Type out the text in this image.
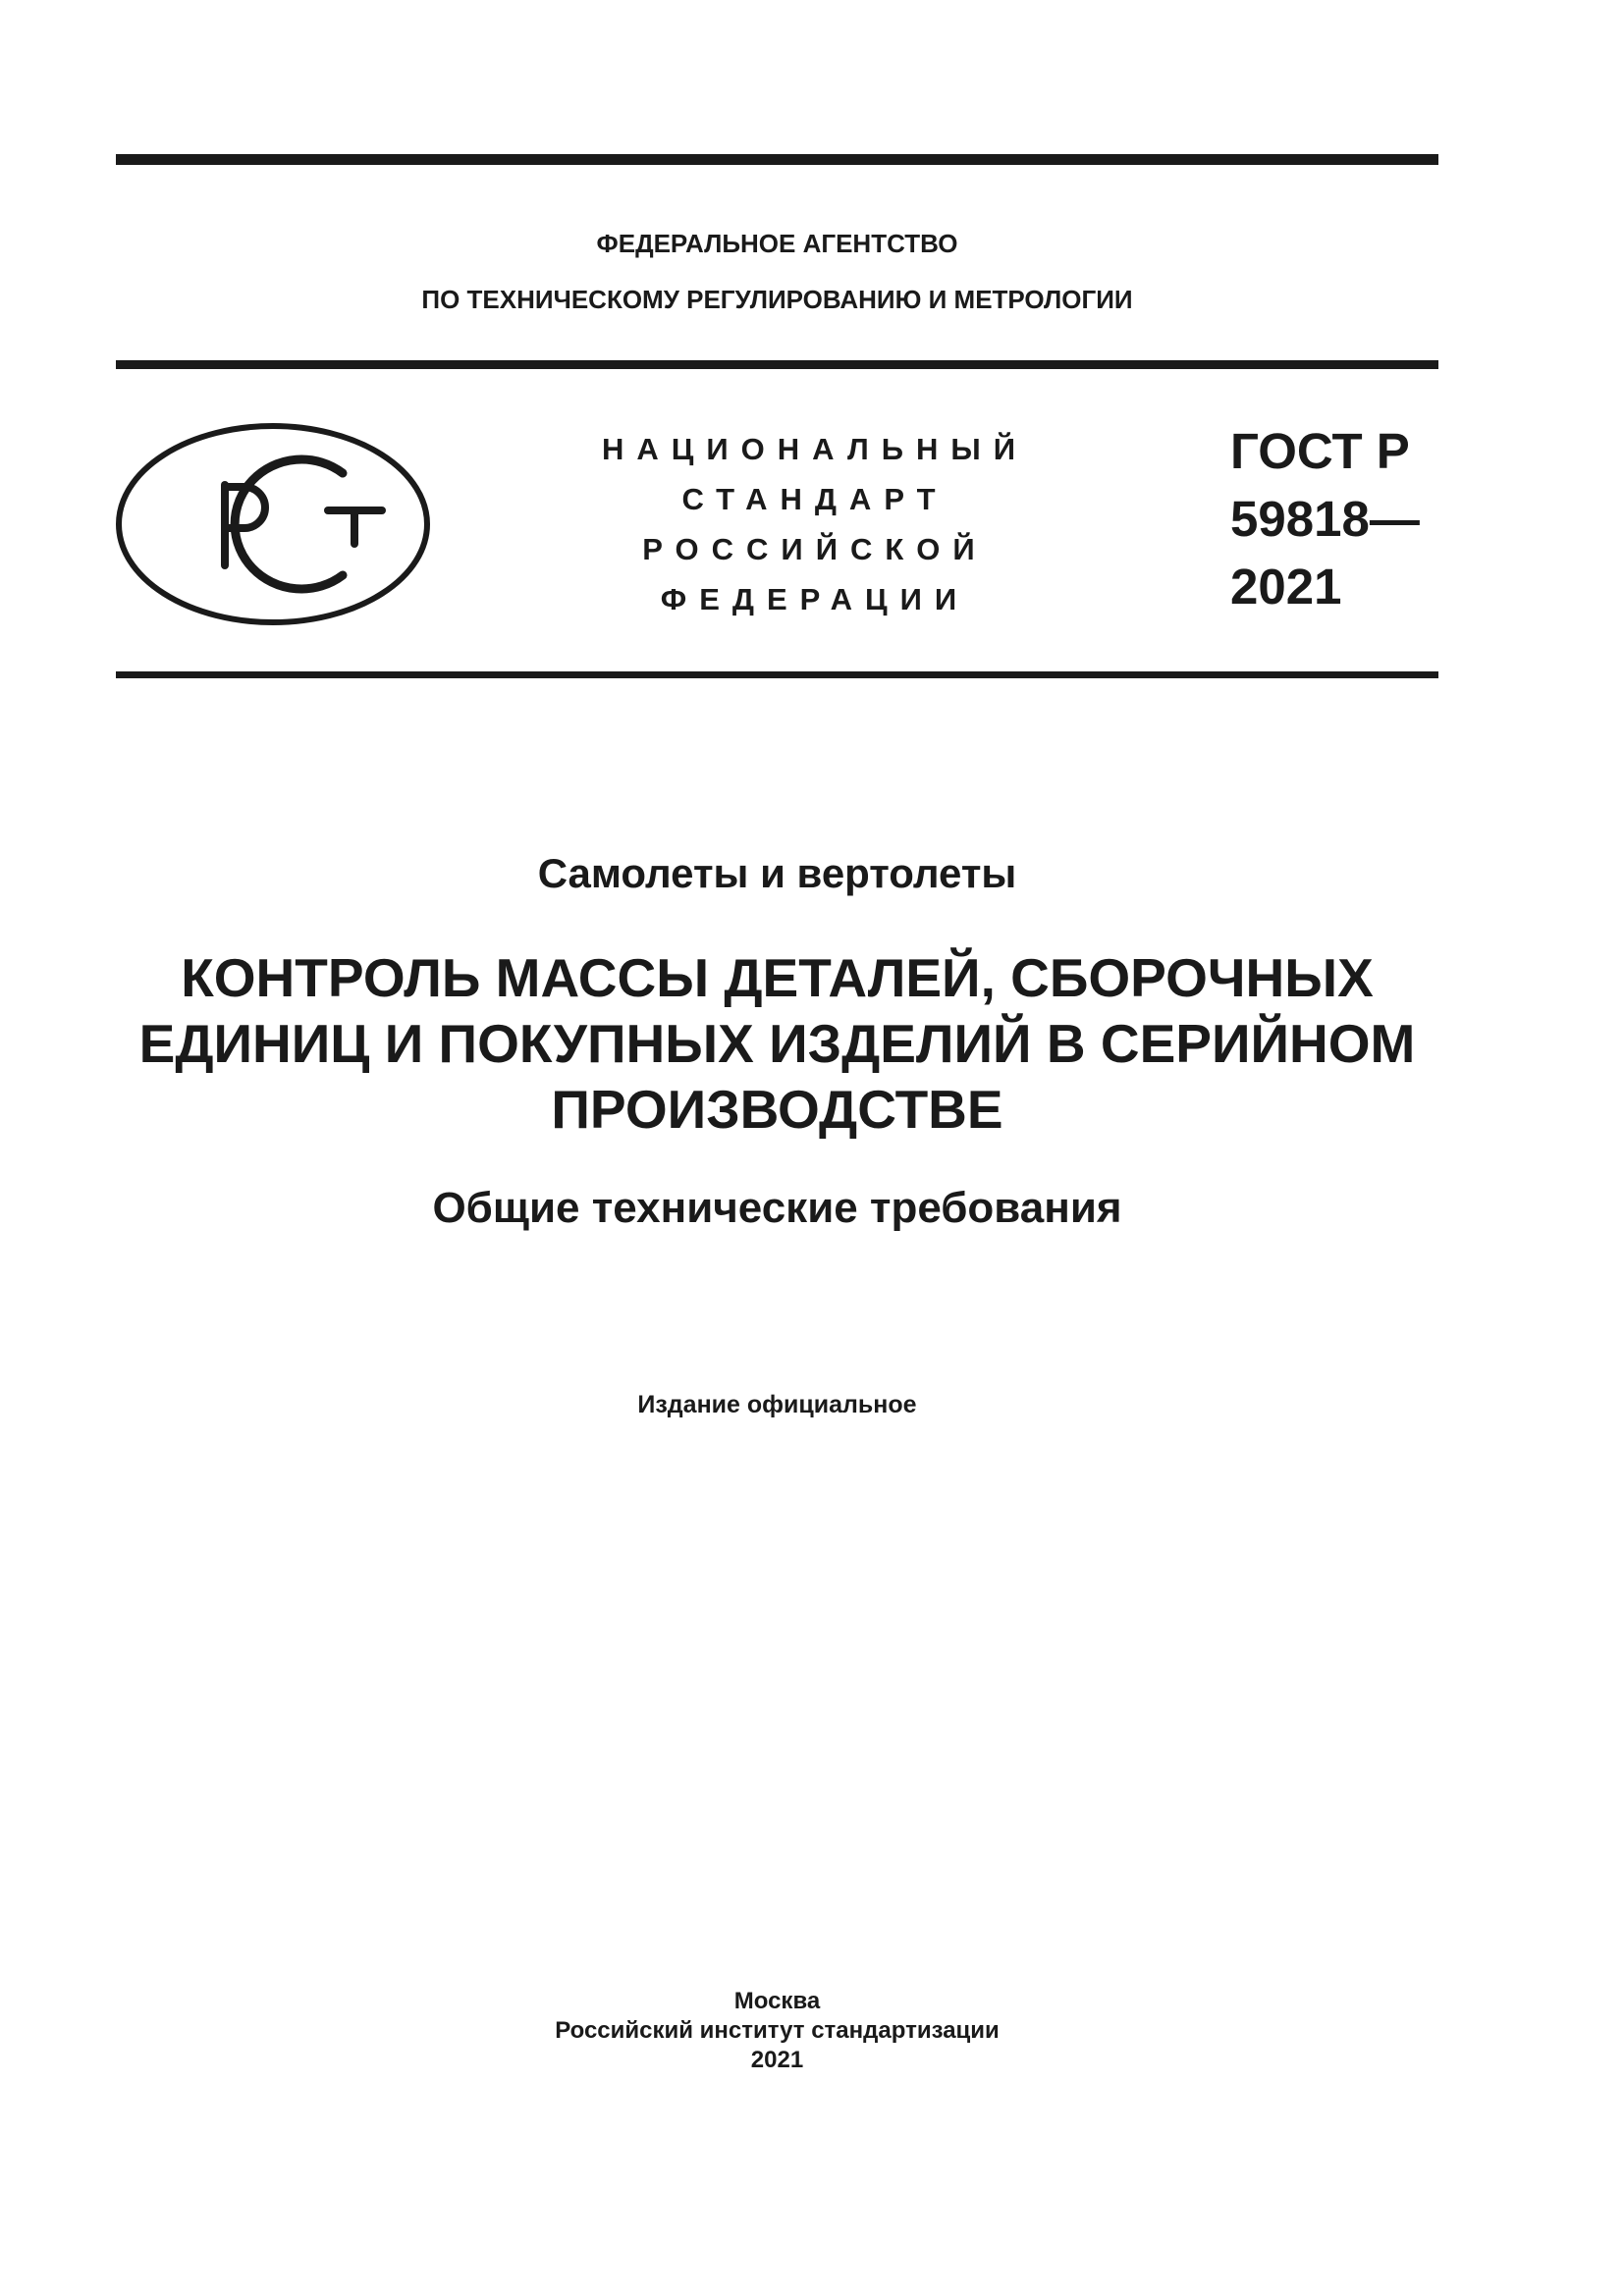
ФЕДЕРАЛЬНОЕ АГЕНТСТВО
ПО ТЕХНИЧЕСКОМУ РЕГУЛИРОВАНИЮ И МЕТРОЛОГИИ
НАЦИОНАЛЬНЫЙ
СТАНДАРТ
РОССИЙСКОЙ
ФЕДЕРАЦИИ
ГОСТ Р
59818—
2021
Самолеты и вертолеты
КОНТРОЛЬ МАССЫ ДЕТАЛЕЙ, СБОРОЧНЫХ
ЕДИНИЦ И ПОКУПНЫХ ИЗДЕЛИЙ В СЕРИЙНОМ
ПРОИЗВОДСТВЕ
Общие технические требования
Издание официальное
Москва
Российский институт стандартизации
2021
